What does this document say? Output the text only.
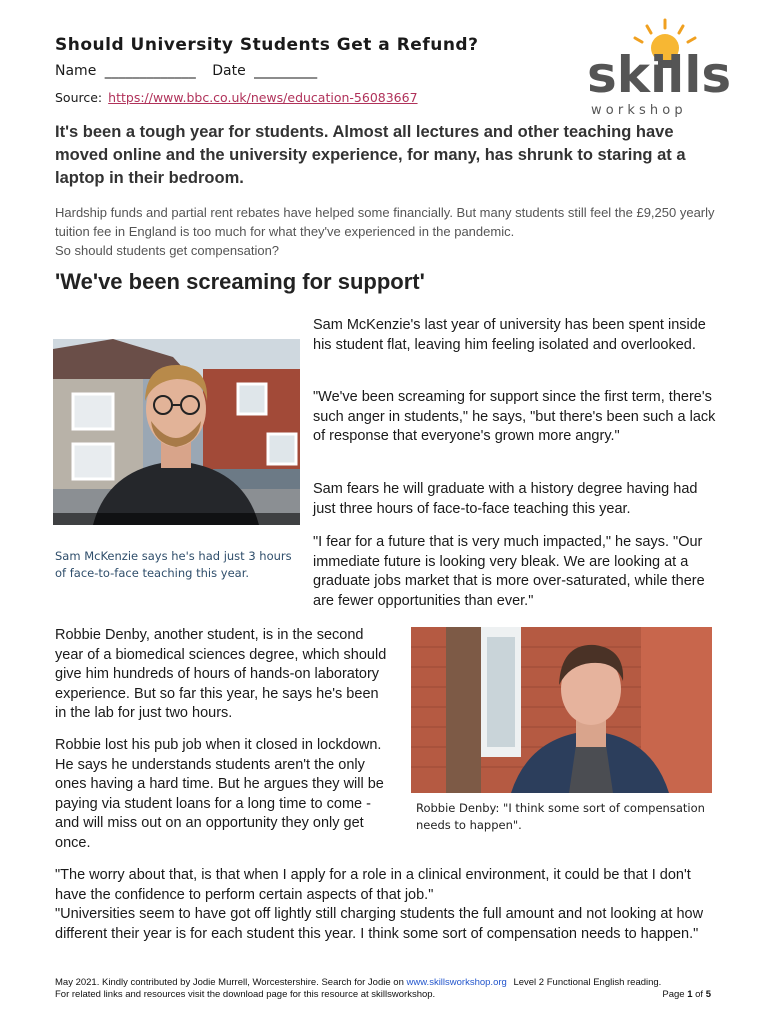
Should University Students Get a Refund?
Name _____________ Date _________
Source: https://www.bbc.co.uk/news/education-56083667	skills
w o r k s h o p
It's been a tough year for students. Almost all lectures and other teaching have moved online and the university experience, for many, has shrunk to staring at a laptop in their bedroom.

Hardship funds and partial rent rebates have helped some financially. But many students still feel the £9,250 yearly tuition fee in England is too much for what they've experienced in the pandemic.

So should students get compensation?

'We've been screaming for support'
Sam McKenzie's last year of university has been spent inside his student flat, leaving him feeling isolated and overlooked.
"We've been screaming for support since the first term, there's such anger in students," he says, "but there's been such a lack of response that everyone's grown more angry."
Sam fears he will graduate with a history degree having had just three hours of face-to-face teaching this year.
"I fear for a future that is very much impacted," he says. "Our immediate future is looking very bleak. We are looking at a graduate jobs market that is more over-saturated, while there are fewer opportunities than ever."
Sam McKenzie says he's had just 3 hours of face-to-face teaching this year.
Robbie Denby, another student, is in the second year of a biomedical sciences degree, which should give him hundreds of hours of hands-on laboratory experience. But so far this year, he says he's been in the lab for just two hours.
Robbie lost his pub job when it closed in lockdown. He says he understands students aren't the only ones having a hard time. But he argues they will be paying via student loans for a long time to come - and will miss out on an opportunity they only get once.
Robbie Denby: "I think some sort of compensation needs to happen".

"The worry about that, is that when I apply for a role in a clinical environment, it could be that I don't have the confidence to perform certain aspects of that job."

"Universities seem to have got off lightly still charging students the full amount and not looking at how different their year is for each student this year. I think some sort of compensation needs to happen."

May 2021. Kindly contributed by Jodie Murrell, Worcestershire. Search for Jodie on www.skillsworkshop.org Level 2 Functional English reading.
For related links and resources visit the download page for this resource at skillsworkshop.	Page 1 of 5
